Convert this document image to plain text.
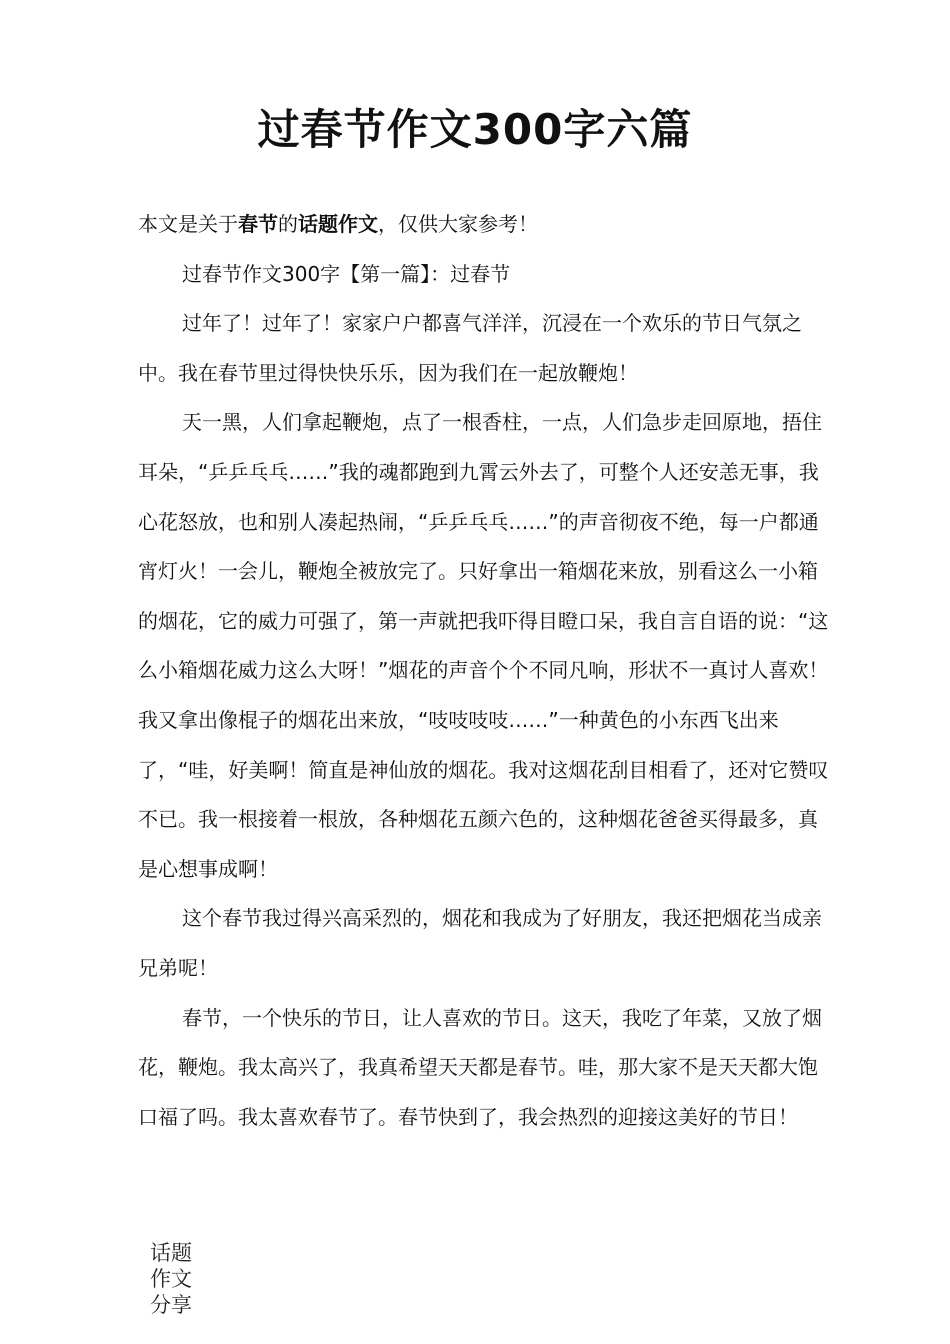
过春节作文300字六篇

本文是关于春节的话题作文，仅供大家参考！

过春节作文300字【第一篇】：过春节

过年了！过年了！家家户户都喜气洋洋，沉浸在一个欢乐的节日气氛之中。我在春节里过得快快乐乐，因为我们在一起放鞭炮！

天一黑，人们拿起鞭炮，点了一根香柱，一点，人们急步走回原地，捂住耳朵，“乒乒乓乓……”我的魂都跑到九霄云外去了，可整个人还安恙无事，我心花怒放，也和别人凑起热闹，“乒乒乓乓……”的声音彻夜不绝，每一户都通宵灯火！一会儿，鞭炮全被放完了。只好拿出一箱烟花来放，别看这么一小箱的烟花，它的威力可强了，第一声就把我吓得目瞪口呆，我自言自语的说：“这么小箱烟花威力这么大呀！”烟花的声音个个不同凡响，形状不一真讨人喜欢！我又拿出像棍子的烟花出来放，“吱吱吱吱……”一种黄色的小东西飞出来了，“哇，好美啊！简直是神仙放的烟花。我对这烟花刮目相看了，还对它赞叹不已。我一根接着一根放，各种烟花五颜六色的，这种烟花爸爸买得最多，真是心想事成啊！

这个春节我过得兴高采烈的，烟花和我成为了好朋友，我还把烟花当成亲兄弟呢！

春节，一个快乐的节日，让人喜欢的节日。这天，我吃了年菜，又放了烟花，鞭炮。我太高兴了，我真希望天天都是春节。哇，那大家不是天天都大饱口福了吗。我太喜欢春节了。春节快到了，我会热烈的迎接这美好的节日！

话题作文分享
